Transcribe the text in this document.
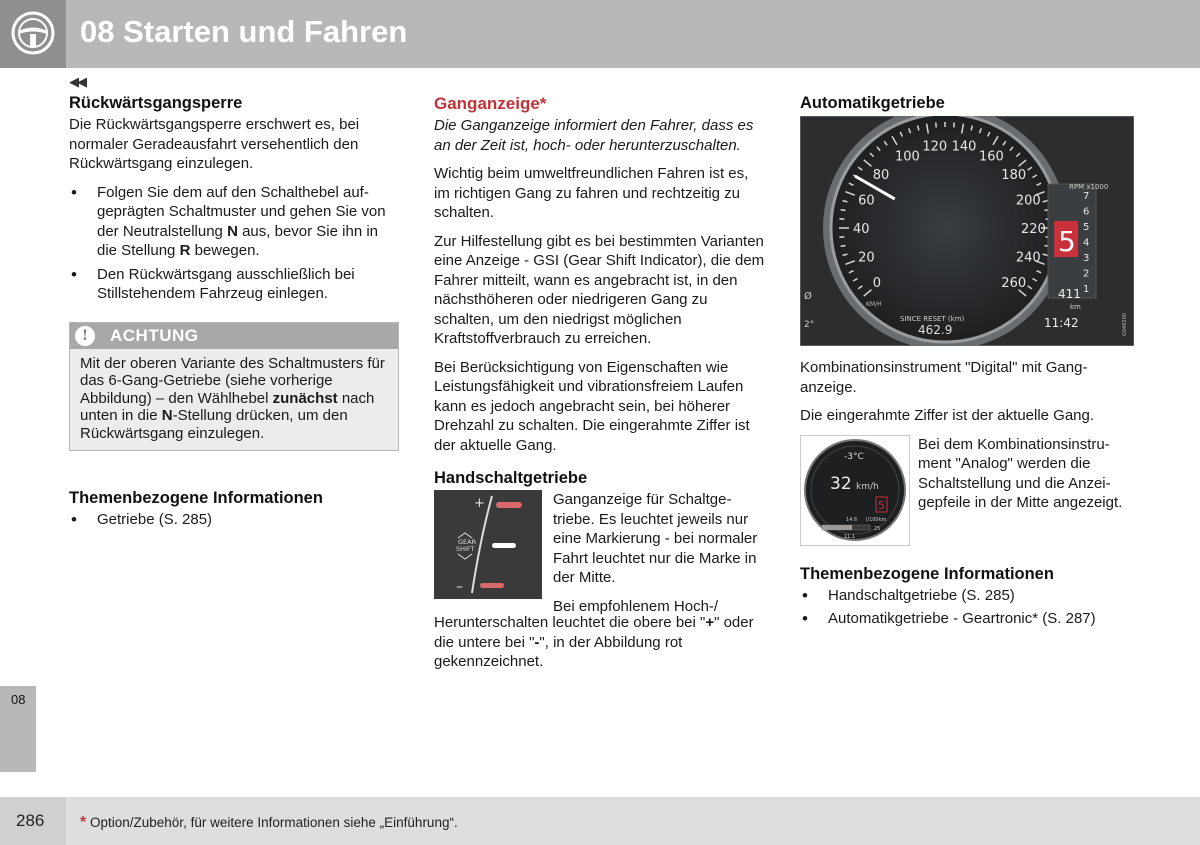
08 Starten und Fahren
◀◀
Rückwärtsgangsperre

Die Rückwärtsgangsperre erschwert es, bei normaler Geradeausfahrt versehentlich den Rückwärtsgang einzulegen.

• Folgen Sie dem auf den Schalthebel aufgeprägten Schaltmuster und gehen Sie von der Neutralstellung N aus, bevor Sie ihn in die Stellung R bewegen.
• Den Rückwärtsgang ausschließlich bei Stillstehendem Fahrzeug einlegen.
!	ACHTUNG
Mit der oberen Variante des Schaltmusters für das 6-Gang-Getriebe (siehe vorherige Abbildung) – den Wählhebel zunächst nach unten in die N-Stellung drücken, um den Rückwärtsgang einzulegen.
Themenbezogene Informationen
• Getriebe (S. 285)
Ganganzeige*

Die Ganganzeige informiert den Fahrer, dass es an der Zeit ist, hoch- oder herunterzuschalten.

Wichtig beim umweltfreundlichen Fahren ist es, im richtigen Gang zu fahren und rechtzeitig zu schalten.

Zur Hilfestellung gibt es bei bestimmten Varianten eine Anzeige - GSI (Gear Shift Indicator), die dem Fahrer mitteilt, wann es angebracht ist, in den nächsthöheren oder niedrigeren Gang zu schalten, um den niedrigst möglichen Kraftstoffverbrauch zu erreichen.

Bei Berücksichtigung von Eigenschaften wie Leistungsfähigkeit und vibrationsfreiem Laufen kann es jedoch angebracht sein, bei höherer Drehzahl zu schalten. Die eingerahmte Ziffer ist der aktuelle Gang.

Handschaltgetriebe
+
–
GEAR
SHIFT

Ganganzeige für Schaltgetriebe. Es leuchtet jeweils nur eine Markierung - bei normaler Fahrt leuchtet nur die Marke in der Mitte.

Bei empfohlenem Hoch-/

Herunterschalten leuchtet die obere bei "+" oder die untere bei "-", in der Abbildung rot gekennzeichnet.

Automatikgetriebe
0
20
40
60
80
100
120 140
160
180
200
220
240
260	1
2
3
4
5
6
7
5
RPM x1000
SINCE RESET (km)
462.9
KM/H
411
km
11:42
2°
Ø
G046200

Kombinationsinstrument "Digital" mit Ganganzeige.

Die eingerahmte Ziffer ist der aktuelle Gang.

-3°C
32 km/h
5
14.6 l/100km
11.1
25

Bei dem Kombinationsinstrument "Analog" werden die Schaltstellung und die Anzeigepfeile in der Mitte angezeigt.

Themenbezogene Informationen
• Handschaltgetriebe (S. 285)
• Automatikgetriebe - Geartronic* (S. 287)
08
286 * Option/Zubehör, für weitere Informationen siehe „Einführung“.
